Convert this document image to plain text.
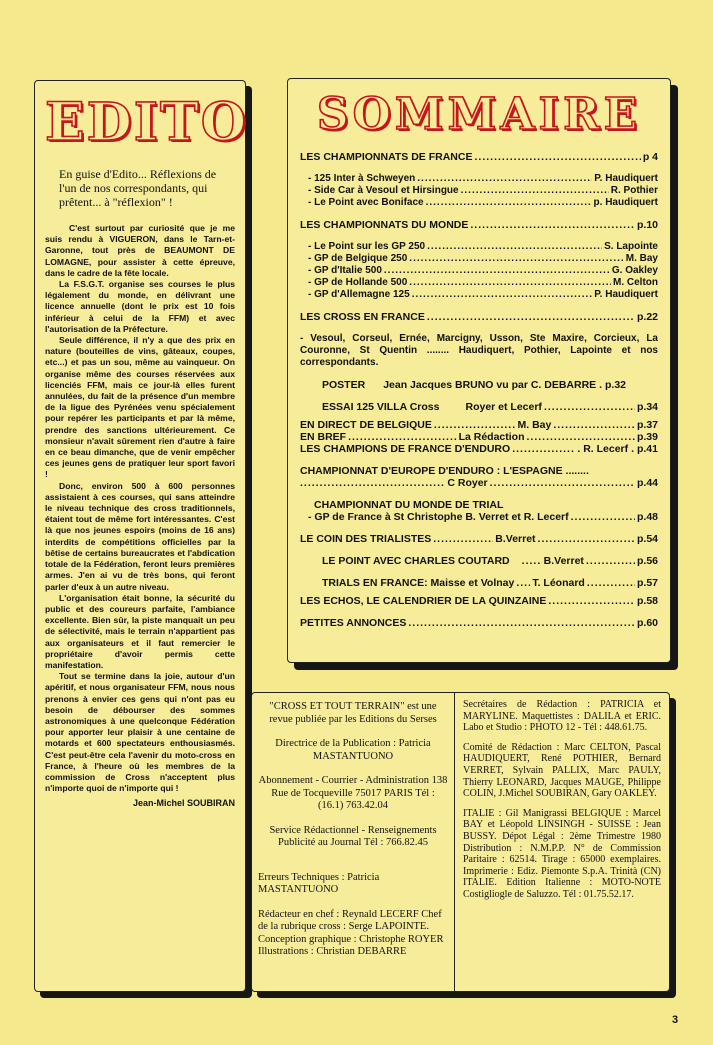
EDITO
En guise d'Edito... Réflexions de l'un de nos correspondants, qui prêtent... à "réflexion" !

C'est surtout par curiosité que je me suis rendu à VIGUERON, dans le Tarn-et-Garonne, tout près de BEAUMONT DE LOMAGNE, pour assister à cette épreuve, dans le cadre de la fête locale.

La F.S.G.T. organise ses courses le plus légalement du monde, en délivrant une licence annuelle (dont le prix est 10 fois inférieur à celui de la FFM) et avec l'autorisation de la Préfecture.

Seule différence, il n'y a que des prix en nature (bouteilles de vins, gâteaux, coupes, etc...) et pas un sou, même au vainqueur. On organise même des courses réservées aux licenciés FFM, mais ce jour-là elles furent annulées, du fait de la présence d'un membre de la ligue des Pyrénées venu spécialement pour repérer les participants et par là même, prendre des sanctions ultérieurement. Ce monsieur n'avait sûrement rien d'autre à faire en ce beau dimanche, que de venir empêcher ces jeunes gens de pratiquer leur sport favori !

Donc, environ 500 à 600 personnes assistaient à ces courses, qui sans atteindre le niveau technique des cross traditionnels, étaient tout de même fort intéressantes. C'est là que nos jeunes espoirs (moins de 16 ans) interdits de compétitions officielles par la bêtise de certains bureaucrates et l'abdication totale de la Fédération, feront leurs premières armes. J'en ai vu de très bons, qui feront parler d'eux à un autre niveau.

L'organisation était bonne, la sécurité du public et des coureurs parfaite, l'ambiance excellente. Bien sûr, la piste manquait un peu de sélectivité, mais le terrain n'appartient pas aux organisateurs et il faut remercier le propriétaire d'avoir permis cette manifestation.

Tout se termine dans la joie, autour d'un apéritif, et nous organisateur FFM, nous nous prenons à envier ces gens qui n'ont pas eu besoin de débourser des sommes astronomiques à une quelconque Fédération pour apporter leur plaisir à une centaine de motards et 600 spectateurs enthousiasmés. C'est peut-être cela l'avenir du moto-cross en France, à l'heure où les membres de la commission de Cross n'acceptent plus n'importe quoi de n'importe qui !

Jean-Michel SOUBIRAN
SOMMAIRE
LES CHAMPIONNATS DE FRANCE .....	p 4
- 125 Inter à Schweyen .....	P. Haudiquert
- Side Car à Vesoul et Hirsingue .....	R. Pothier
- Le Point avec Boniface .....	p. Haudiquert
LES CHAMPIONNATS DU MONDE .....	p.10
- Le Point sur les GP 250 .....	S. Lapointe
- GP de Belgique 250 .....	M. Bay
- GP d'Italie 500 .....	G. Oakley
- GP de Hollande 500 .....	M. Celton
- GP d'Allemagne 125 .....	P. Haudiquert
LES CROSS EN FRANCE .....	p.22
- Vesoul, Corseul, Ernée, Marcigny, Usson, Ste Maxire, Corcieux, La Couronne, St Quentin ........ Haudiquert, Pothier, Lapointe et nos correspondants.
POSTER Jean Jacques BRUNO vu par C. DEBARRE . p.32
ESSAI 125 VILLA Cross Royer et Lecerf .....	p.34
EN DIRECT DE BELGIQUE .....	M. Bay .....	p.37
EN BREF .....	La Rédaction .....	p.39
LES CHAMPIONS DE FRANCE D'ENDURO .....	. R. Lecerf . p.41
CHAMPIONNAT D'EUROPE D'ENDURO : L'ESPAGNE ........
.....
C Royer .....	p.44
CHAMPIONNAT DU MONDE DE TRIAL
- GP de France à St Christophe B. Verret et R. Lecerf .....	p.48
LE COIN DES TRIALISTES .....	B.Verret .....	p.54
LE POINT AVEC CHARLES COUTARD .....	B.Verret .....	p.56
TRIALS EN FRANCE: Maisse et Volnay ..... T. Léonard .....	p.57
LES ECHOS, LE CALENDRIER DE LA QUINZAINE .....	p.58
PETITES ANNONCES .....	p.60

"CROSS ET TOUT TERRAIN" est une revue publiée par les Editions du Serses

Directrice de la Publication : Patricia MASTANTUONO

Abonnement - Courrier - Administration 138 Rue de Tocqueville 75017 PARIS Tél : (16.1) 763.42.04

Service Rédactionnel - Renseignements Publicité au Journal Tél : 766.82.45

Erreurs Techniques : Patricia MASTANTUONO

Rédacteur en chef : Reynald LECERF Chef de la rubrique cross : Serge LAPOINTE. Conception graphique : Christophe ROYER Illustrations : Christian DEBARRE

Secrétaires de Rédaction : PATRICIA et MARYLINE. Maquettistes : DALILA et ERIC. Labo et Studio : PHOTO 12 - Tél : 448.61.75.

Comité de Rédaction : Marc CELTON, Pascal HAUDIQUERT, René POTHIER, Bernard VERRET, Sylvain PALLIX, Marc PAULY, Thierry LEONARD, Jacques MAUGE, Philippe COLIN, J.Michel SOUBIRAN, Gary OAKLEY.

ITALIE : Gil Manigrassi BELGIQUE : Marcel BAY et Léopold LINSINGH - SUISSE : Jean BUSSY. Dépot Légal : 2ème Trimestre 1980 Distribution : N.M.P.P. N° de Commission Paritaire : 62514. Tirage : 65000 exemplaires. Imprimerie : Ediz. Piemonte S.p.A. Trinità (CN) ITALIE. Edition Italienne : MOTO-NOTE Costigliogle de Saluzzo. Tél : 01.75.52.17.

3
